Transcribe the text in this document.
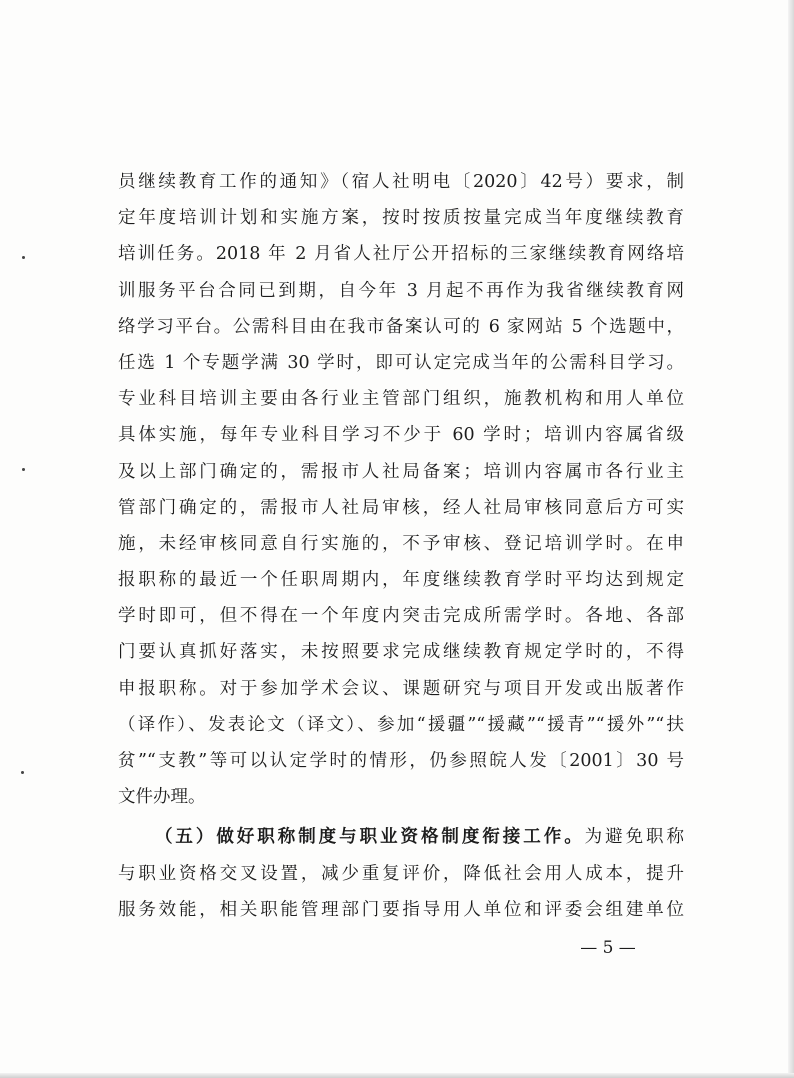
员继续教育工作的通知》（宿人社明电〔2020〕42号）要求，制
定年度培训计划和实施方案，按时按质按量完成当年度继续教育
培训任务。2018 年 2 月省人社厅公开招标的三家继续教育网络培
训服务平台合同已到期，自今年 3 月起不再作为我省继续教育网
络学习平台。公需科目由在我市备案认可的 6 家网站 5 个选题中，
任选 1 个专题学满 30 学时，即可认定完成当年的公需科目学习。
专业科目培训主要由各行业主管部门组织，施教机构和用人单位
具体实施，每年专业科目学习不少于 60 学时；培训内容属省级
及以上部门确定的，需报市人社局备案；培训内容属市各行业主
管部门确定的，需报市人社局审核，经人社局审核同意后方可实
施，未经审核同意自行实施的，不予审核、登记培训学时。在申
报职称的最近一个任职周期内，年度继续教育学时平均达到规定
学时即可，但不得在一个年度内突击完成所需学时。各地、各部
门要认真抓好落实，未按照要求完成继续教育规定学时的，不得
申报职称。对于参加学术会议、课题研究与项目开发或出版著作
（译作）、发表论文（译文）、参加“援疆”“援藏”“援青”“援外”“扶
贫”“支教”等可以认定学时的情形，仍参照皖人发〔2001〕30 号
文件办理。
（五）做好职称制度与职业资格制度衔接工作。为避免职称
与职业资格交叉设置，减少重复评价，降低社会用人成本，提升
服务效能，相关职能管理部门要指导用人单位和评委会组建单位
— 5 —
